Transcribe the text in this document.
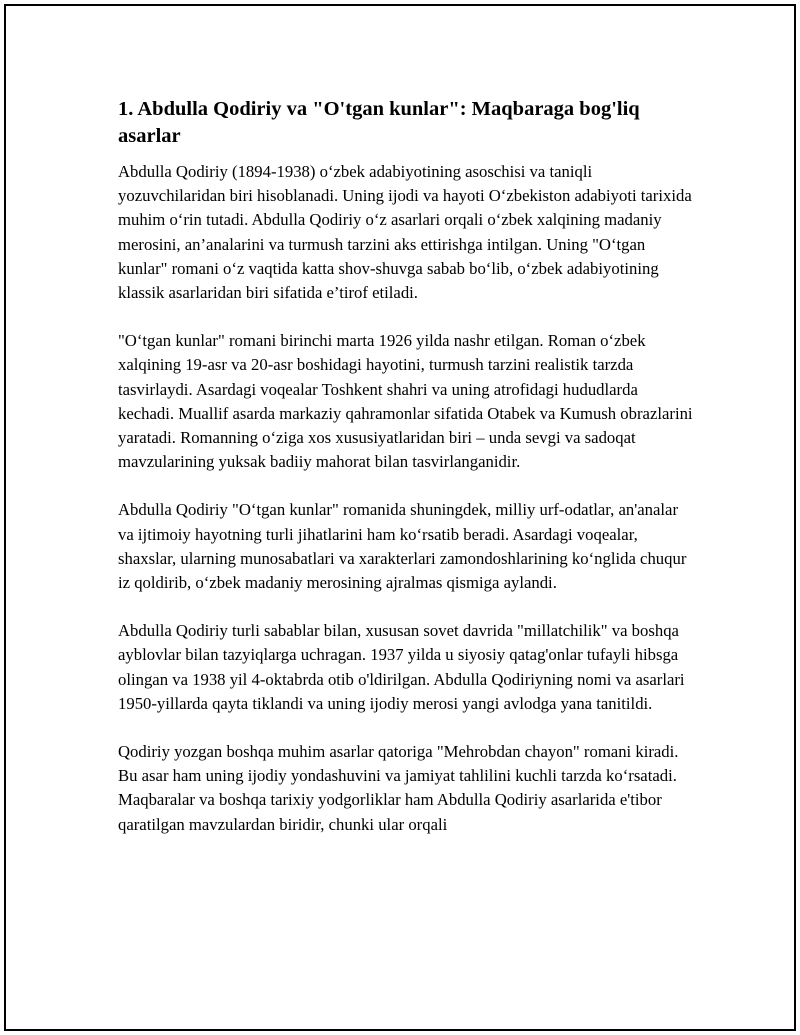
1. Abdulla Qodiriy va "O'tgan kunlar": Maqbaraga bog'liq asarlar

Abdulla Qodiriy (1894-1938) o‘zbek adabiyotining asoschisi va taniqli yozuvchilaridan biri hisoblanadi. Uning ijodi va hayoti O‘zbekiston adabiyoti tarixida muhim o‘rin tutadi. Abdulla Qodiriy o‘z asarlari orqali o‘zbek xalqining madaniy merosini, an’analarini va turmush tarzini aks ettirishga intilgan. Uning "O‘tgan kunlar" romani o‘z vaqtida katta shov-shuvga sabab bo‘lib, o‘zbek adabiyotining klassik asarlaridan biri sifatida e’tirof etiladi.

"O‘tgan kunlar" romani birinchi marta 1926 yilda nashr etilgan. Roman o‘zbek xalqining 19-asr va 20-asr boshidagi hayotini, turmush tarzini realistik tarzda tasvirlaydi. Asardagi voqealar Toshkent shahri va uning atrofidagi hududlarda kechadi. Muallif asarda markaziy qahramonlar sifatida Otabek va Kumush obrazlarini yaratadi. Romanning o‘ziga xos xususiyatlaridan biri – unda sevgi va sadoqat mavzularining yuksak badiiy mahorat bilan tasvirlanganidir.

Abdulla Qodiriy "O‘tgan kunlar" romanida shuningdek, milliy urf-odatlar, an'analar va ijtimoiy hayotning turli jihatlarini ham ko‘rsatib beradi. Asardagi voqealar, shaxslar, ularning munosabatlari va xarakterlari zamondoshlarining ko‘nglida chuqur iz qoldirib, o‘zbek madaniy merosining ajralmas qismiga aylandi.

Abdulla Qodiriy turli sabablar bilan, xususan sovet davrida "millatchilik" va boshqa ayblovlar bilan tazyiqlarga uchragan. 1937 yilda u siyosiy qatag'onlar tufayli hibsga olingan va 1938 yil 4-oktabrda otib o'ldirilgan. Abdulla Qodiriyning nomi va asarlari 1950-yillarda qayta tiklandi va uning ijodiy merosi yangi avlodga yana tanitildi.

Qodiriy yozgan boshqa muhim asarlar qatoriga "Mehrobdan chayon" romani kiradi. Bu asar ham uning ijodiy yondashuvini va jamiyat tahlilini kuchli tarzda ko‘rsatadi. Maqbaralar va boshqa tarixiy yodgorliklar ham Abdulla Qodiriy asarlarida e'tibor qaratilgan mavzulardan biridir, chunki ular orqali
